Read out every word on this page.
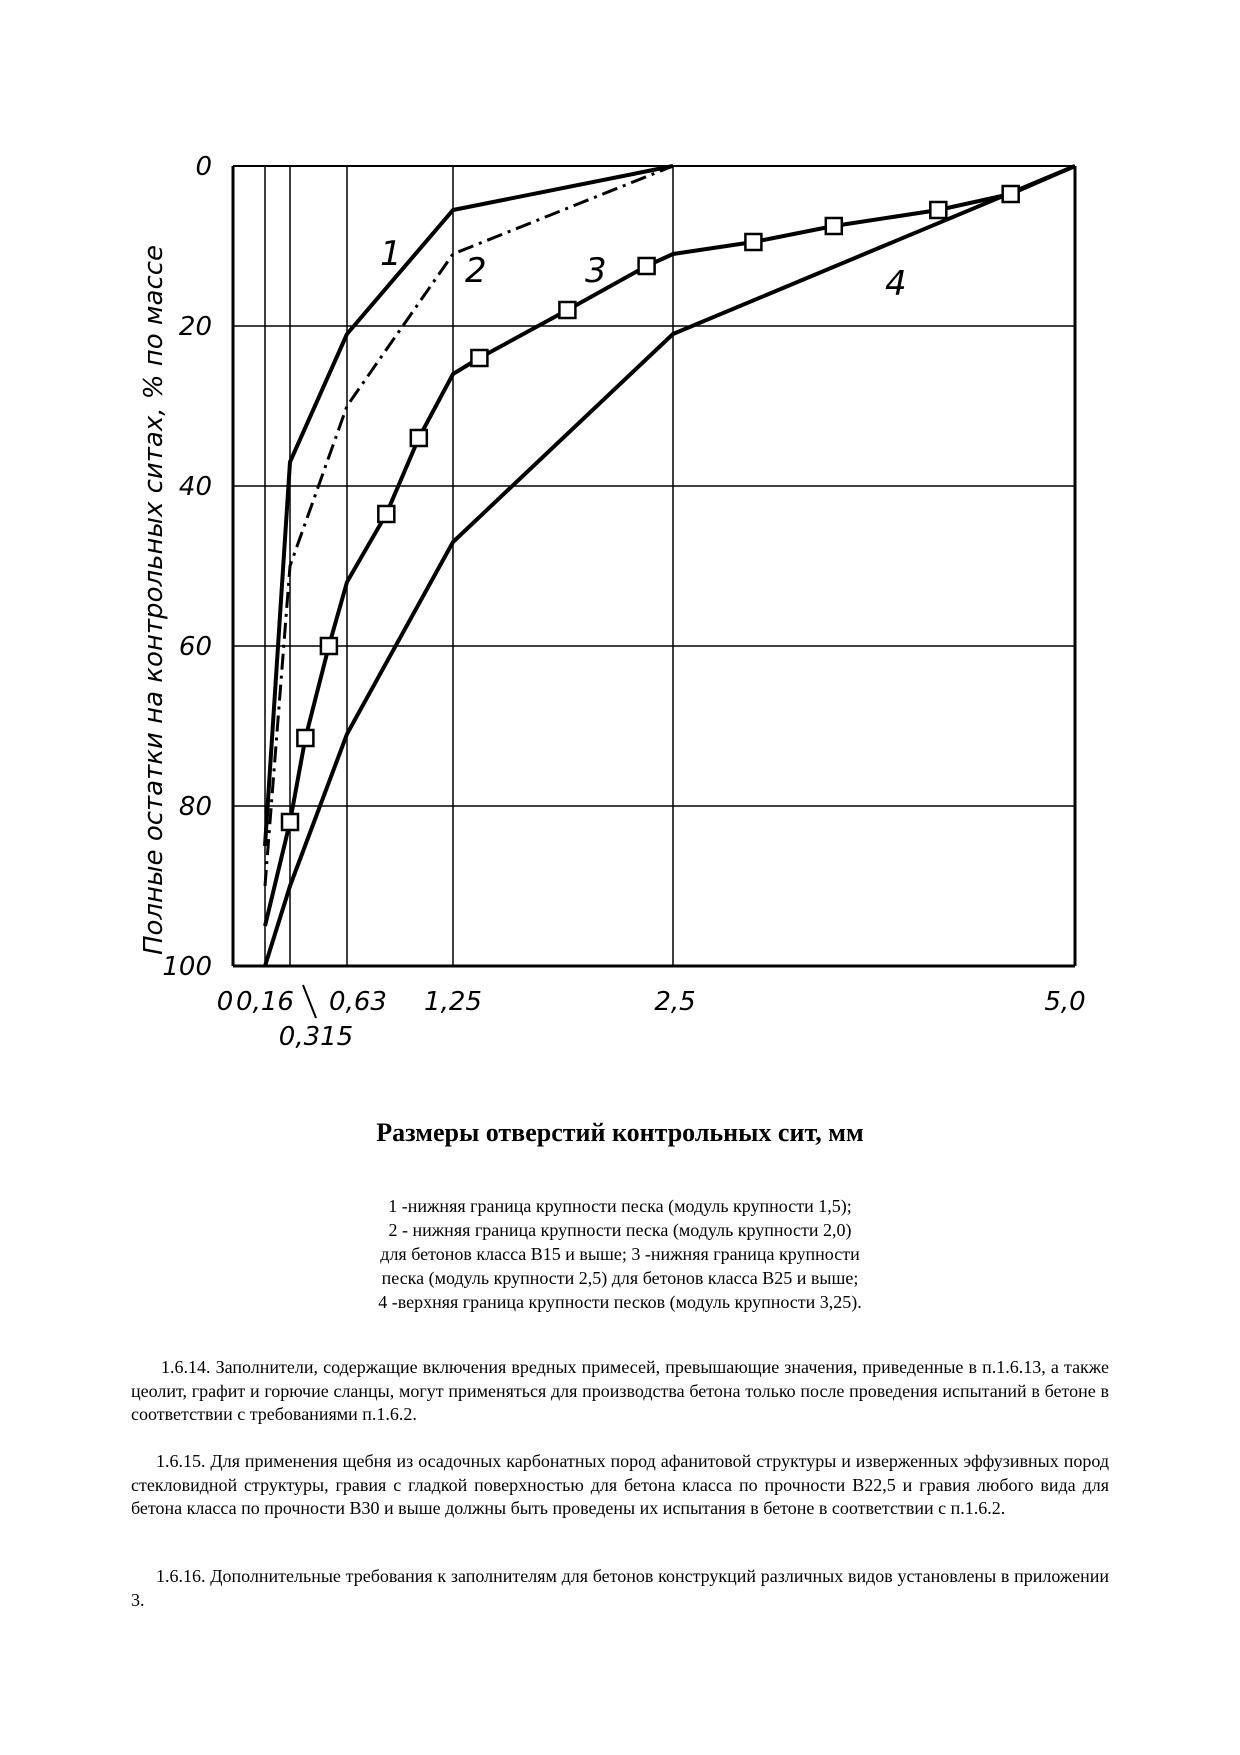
0
20
40
60
80
100
0 0,16
0,315
0,63 1,25	2,5	5,0
1 2	3	4
Полные остатки на контрольных ситах, % по массе
Размеры отверстий контрольных сит, мм
1 -нижняя граница крупности песка (модуль крупности 1,5);
2 - нижняя граница крупности песка (модуль крупности 2,0)
для бетонов класса В15 и выше; 3 -нижняя граница крупности
песка (модуль крупности 2,5) для бетонов класса В25 и выше;
4 -верхняя граница крупности песков (модуль крупности 3,25).

1.6.14. Заполнители, содержащие включения вредных примесей, превышающие значения, приведенные в п.1.6.13, а также цеолит, графит и горючие сланцы, могут применяться для производства бетона только после проведения испытаний в бетоне в соответствии с требованиями п.1.6.2.

1.6.15. Для применения щебня из осадочных карбонатных пород афанитовой структуры и изверженных эффузивных пород стекловидной структуры, гравия с гладкой поверхностью для бетона класса по прочности В22,5 и гравия любого вида для бетона класса по прочности В30 и выше должны быть проведены их испытания в бетоне в соответствии с п.1.6.2.

1.6.16. Дополнительные требования к заполнителям для бетонов конструкций различных видов установлены в приложении 3.
